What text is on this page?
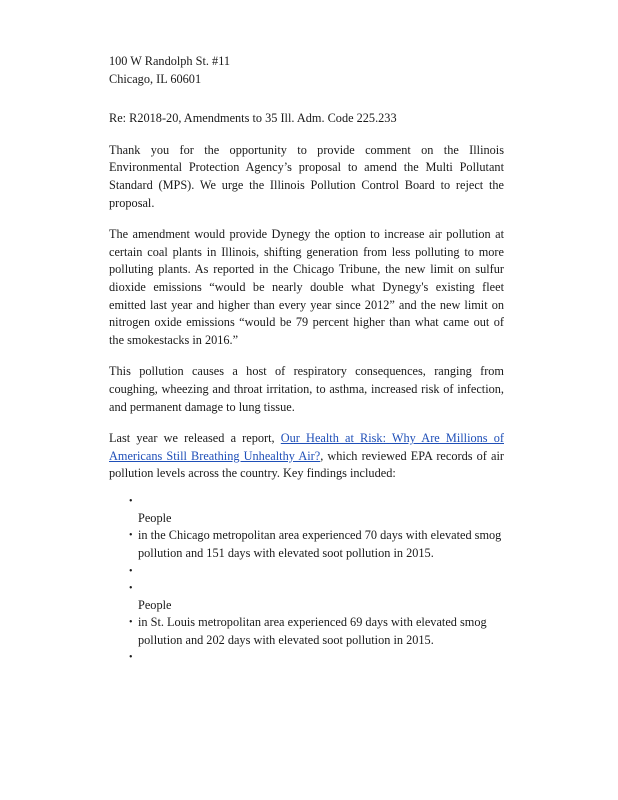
100 W Randolph St. #11
Chicago, IL 60601

Re: R2018-20, Amendments to 35 Ill. Adm. Code 225.233

Thank you for the opportunity to provide comment on the Illinois Environmental Protection Agency’s proposal to amend the Multi Pollutant Standard (MPS). We urge the Illinois Pollution Control Board to reject the proposal.

The amendment would provide Dynegy the option to increase air pollution at certain coal plants in Illinois, shifting generation from less polluting to more polluting plants. As reported in the Chicago Tribune, the new limit on sulfur dioxide emissions “would be nearly double what Dynegy's existing fleet emitted last year and higher than every year since 2012” and the new limit on nitrogen oxide emissions “would be 79 percent higher than what came out of the smokestacks in 2016.”

This pollution causes a host of respiratory consequences, ranging from coughing, wheezing and throat irritation, to asthma, increased risk of infection, and permanent damage to lung tissue.

Last year we released a report, Our Health at Risk: Why Are Millions of Americans Still Breathing Unhealthy Air?, which reviewed EPA records of air pollution levels across the country. Key findings included:

•
People
• in the Chicago metropolitan area experienced 70 days with elevated smog pollution and 151 days with elevated soot pollution in 2015.
•
•
People
• in St. Louis metropolitan area experienced 69 days with elevated smog pollution and 202 days with elevated soot pollution in 2015.
•
